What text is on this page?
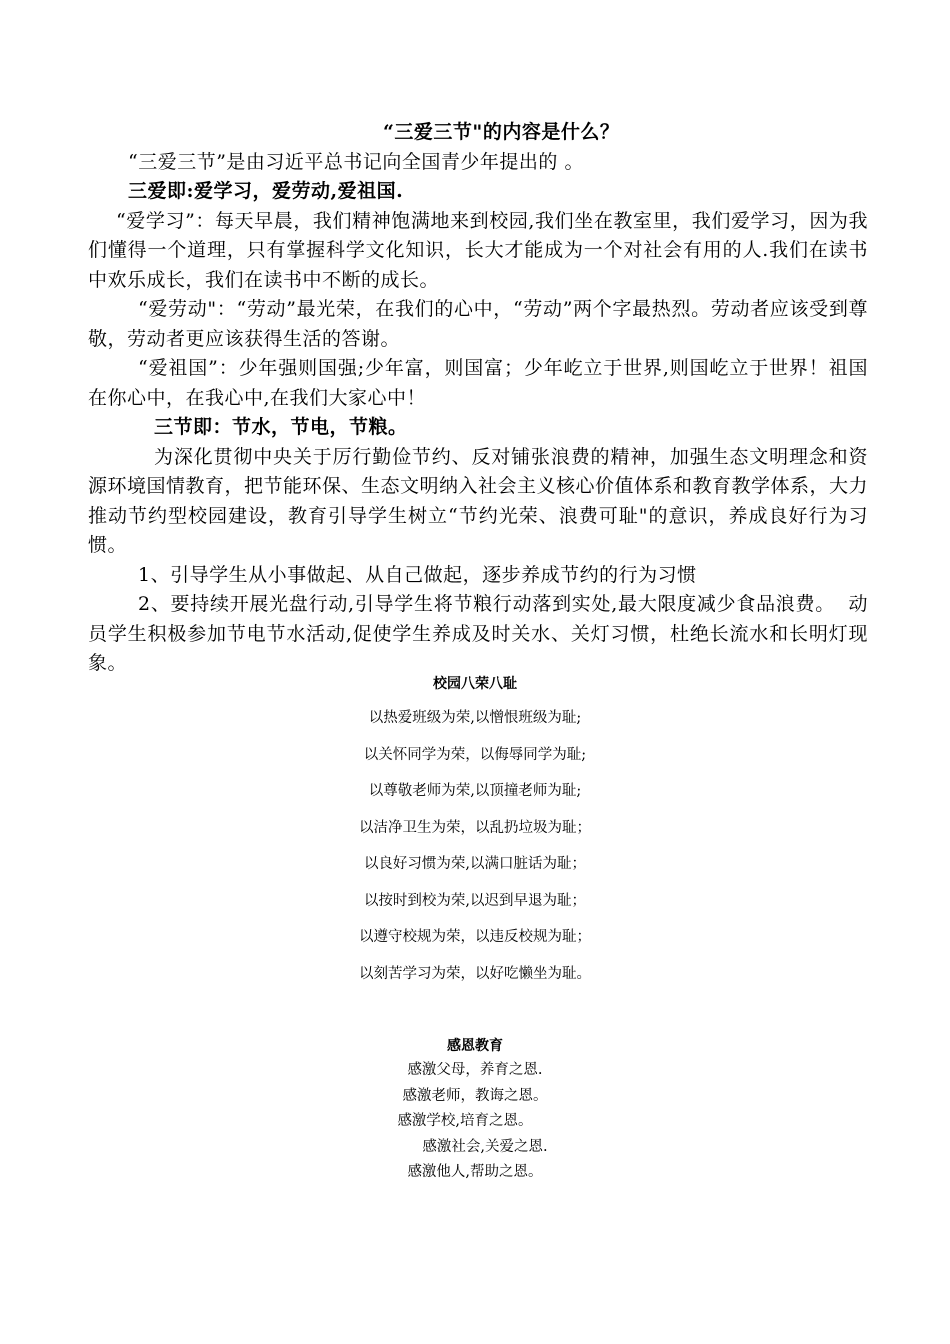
“三爱三节"的内容是什么？

“三爱三节”是由习近平总书记向全国青少年提出的 。

三爱即:爱学习，爱劳动,爱祖国.

“爱学习”：每天早晨，我们精神饱满地来到校园,我们坐在教室里，我们爱学习，因为我们懂得一个道理，只有掌握科学文化知识，长大才能成为一个对社会有用的人.我们在读书中欢乐成长，我们在读书中不断的成长。

“爱劳动"：“劳动”最光荣，在我们的心中，“劳动”两个字最热烈。劳动者应该受到尊敬，劳动者更应该获得生活的答谢。

“爱祖国”：少年强则国强;少年富，则国富；少年屹立于世界,则国屹立于世界！祖国在你心中，在我心中,在我们大家心中！

三节即：节水，节电，节粮。

为深化贯彻中央关于厉行勤俭节约、反对铺张浪费的精神，加强生态文明理念和资源环境国情教育，把节能环保、生态文明纳入社会主义核心价值体系和教育教学体系，大力推动节约型校园建设，教育引导学生树立“节约光荣、浪费可耻"的意识，养成良好行为习惯。

1、引导学生从小事做起、从自己做起，逐步养成节约的行为习惯

2、要持续开展光盘行动,引导学生将节粮行动落到实处,最大限度减少食品浪费。  动员学生积极参加节电节水活动,促使学生养成及时关水、关灯习惯，杜绝长流水和长明灯现象。

校园八荣八耻

以热爱班级为荣,以憎恨班级为耻;

以关怀同学为荣，以侮辱同学为耻;

以尊敬老师为荣,以顶撞老师为耻;

以洁净卫生为荣，以乱扔垃圾为耻；

以良好习惯为荣,以满口脏话为耻；

以按时到校为荣,以迟到早退为耻；

以遵守校规为荣，以违反校规为耻；

以刻苦学习为荣，以好吃懒坐为耻。

感恩教育

感激父母，养育之恩.

感激老师，教诲之恩。

感激学校,培育之恩。

感激社会,关爱之恩.

感激他人,帮助之恩。
